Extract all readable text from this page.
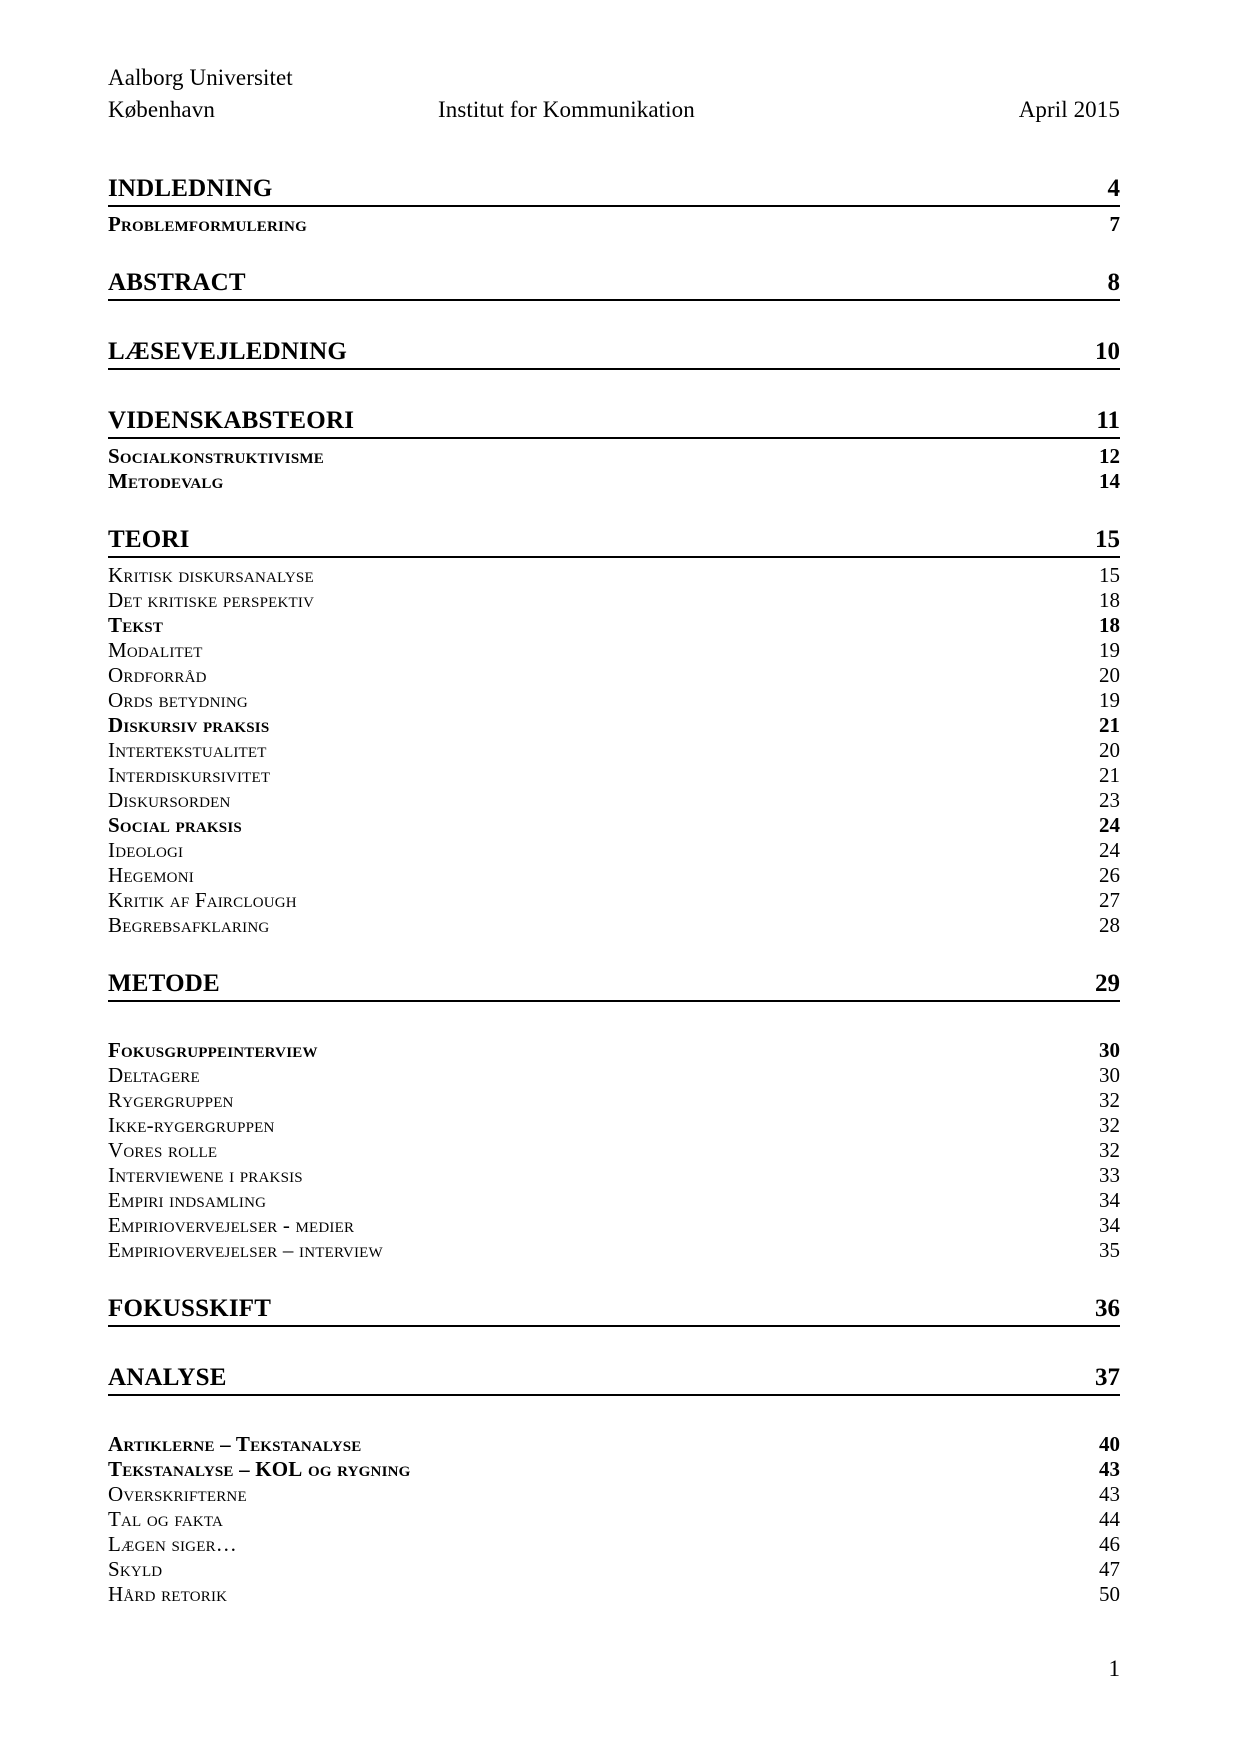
Aalborg Universitet
København	Institut for Kommunikation	April 2015
INDLEDNING	4
Problemformulering	7
ABSTRACT	8
LÆSEVEJLEDNING	10
VIDENSKABSTEORI	11
Socialkonstruktivisme	12
Metodevalg	14
TEORI	15
Kritisk diskursanalyse	15
Det kritiske perspektiv	18
Tekst	18
Modalitet	19
Ordforråd	20
Ords betydning	19
Diskursiv praksis	21
Intertekstualitet	20
Interdiskursivitet	21
Diskursorden	23
Social praksis	24
Ideologi	24
Hegemoni	26
Kritik af Fairclough	27
Begrebsafklaring	28
METODE	29
Fokusgruppeinterview	30
Deltagere	30
Rygergruppen	32
Ikke-rygergruppen	32
Vores rolle	32
Interviewene i praksis	33
Empiri indsamling	34
Empiriovervejelser - medier	34
Empiriovervejelser – interview	35
FOKUSSKIFT	36
ANALYSE	37
Artiklerne – Tekstanalyse	40
Tekstanalyse – KOL og rygning	43
Overskrifterne	43
Tal og fakta	44
Lægen siger…	46
Skyld	47
Hård retorik	50
1
